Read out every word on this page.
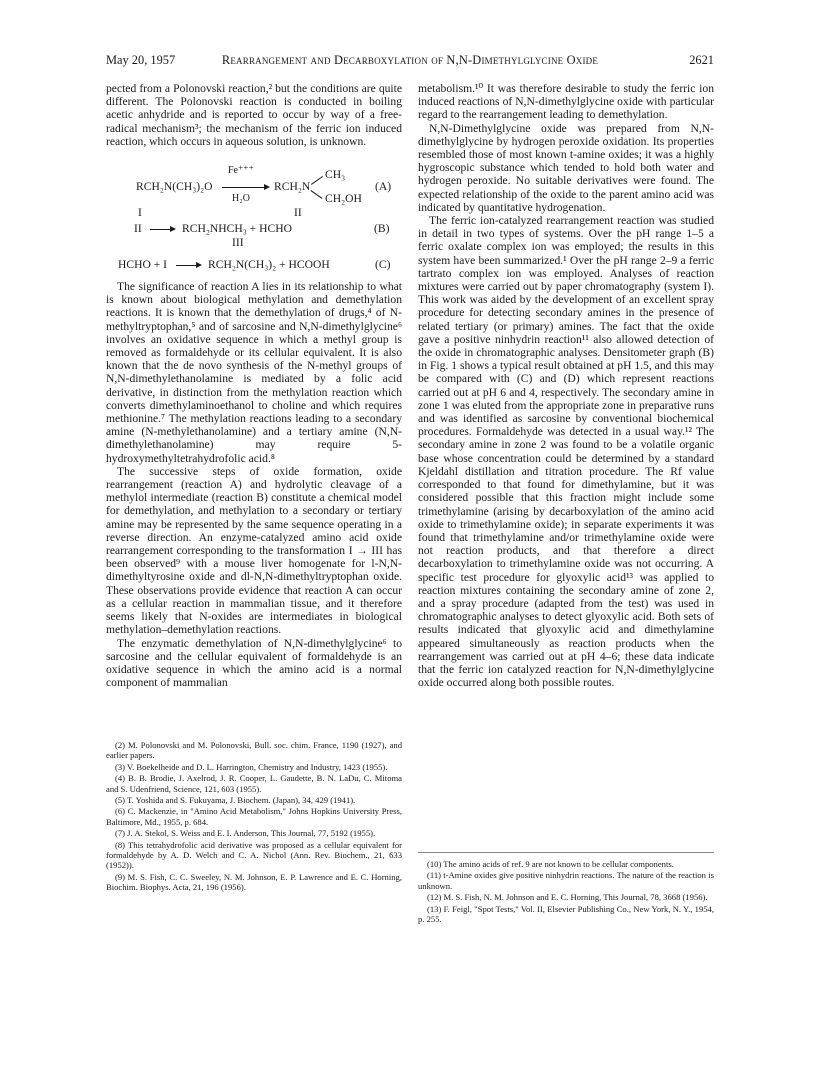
May 20, 1957	Rearrangement and Decarboxylation of N,N-Dimethylglycine Oxide	2621

pected from a Polonovski reaction,² but the conditions are quite different. The Polonovski reaction is conducted in boiling acetic anhydride and is reported to occur by way of a free-radical mechanism³; the mechanism of the ferric ion induced reaction, which occurs in aqueous solution, is unknown.

RCH₂N(CH₃)₂O
Fe⁺⁺⁺
H₂O
RCH₂N
CH₃
CH₂OH
(A)
I	II
II	RCH₂NHCH₃ + HCHO	(B)
III
HCHO + I	RCH₂N(CH₃)₂ + HCOOH	(C)

The significance of reaction A lies in its relationship to what is known about biological methylation and demethylation reactions. It is known that the demethylation of drugs,⁴ of N-methyltryptophan,⁵ and of sarcosine and N,N-dimethylglycine⁶ involves an oxidative sequence in which a methyl group is removed as formaldehyde or its cellular equivalent. It is also known that the de novo synthesis of the N-methyl groups of N,N-dimethylethanolamine is mediated by a folic acid derivative, in distinction from the methylation reaction which converts dimethylaminoethanol to choline and which requires methionine.⁷ The methylation reactions leading to a secondary amine (N-methylethanolamine) and a tertiary amine (N,N-dimethylethanolamine) may require 5-hydroxymethyltetrahydrofolic acid.⁸

The successive steps of oxide formation, oxide rearrangement (reaction A) and hydrolytic cleavage of a methylol intermediate (reaction B) constitute a chemical model for demethylation, and methylation to a secondary or tertiary amine may be represented by the same sequence operating in a reverse direction. An enzyme-catalyzed amino acid oxide rearrangement corresponding to the transformation I → III has been observed⁹ with a mouse liver homogenate for l-N,N-dimethyltyrosine oxide and dl-N,N-dimethyltryptophan oxide. These observations provide evidence that reaction A can occur as a cellular reaction in mammalian tissue, and it therefore seems likely that N-oxides are intermediates in biological methylation–demethylation reactions.

The enzymatic demethylation of N,N-dimethylglycine⁶ to sarcosine and the cellular equivalent of formaldehyde is an oxidative sequence in which the amino acid is a normal component of mammalian

(2) M. Polonovski and M. Polonovski, Bull. soc. chim. France, 1190 (1927), and earlier papers.

(3) V. Boekelheide and D. L. Harrington, Chemistry and Industry, 1423 (1955).

(4) B. B. Brodie, J. Axelrod, J. R. Cooper, L. Gaudette, B. N. LaDu, C. Mitoma and S. Udenfriend, Science, 121, 603 (1955).

(5) T. Yoshida and S. Fukuyama, J. Biochem. (Japan), 34, 429 (1941).

(6) C. Mackenzie, in "Amino Acid Metabolism," Johns Hopkins University Press, Baltimore, Md., 1955, p. 684.

(7) J. A. Stekol, S. Weiss and E. I. Anderson, This Journal, 77, 5192 (1955).

(8) This tetrahydrofolic acid derivative was proposed as a cellular equivalent for formaldehyde by A. D. Welch and C. A. Nichol (Ann. Rev. Biochem., 21, 633 (1952)).

(9) M. S. Fish, C. C. Sweeley, N. M. Johnson, E. P. Lawrence and E. C. Horning, Biochim. Biophys. Acta, 21, 196 (1956).

metabolism.¹⁰ It was therefore desirable to study the ferric ion induced reactions of N,N-dimethylglycine oxide with particular regard to the rearrangement leading to demethylation.

N,N-Dimethylglycine oxide was prepared from N,N-dimethylglycine by hydrogen peroxide oxidation. Its properties resembled those of most known t-amine oxides; it was a highly hygroscopic substance which tended to hold both water and hydrogen peroxide. No suitable derivatives were found. The expected relationship of the oxide to the parent amino acid was indicated by quantitative hydrogenation.

The ferric ion-catalyzed rearrangement reaction was studied in detail in two types of systems. Over the pH range 1–5 a ferric oxalate complex ion was employed; the results in this system have been summarized.¹ Over the pH range 2–9 a ferric tartrato complex ion was employed. Analyses of reaction mixtures were carried out by paper chromatography (system I). This work was aided by the development of an excellent spray procedure for detecting secondary amines in the presence of related tertiary (or primary) amines. The fact that the oxide gave a positive ninhydrin reaction¹¹ also allowed detection of the oxide in chromatographic analyses. Densitometer graph (B) in Fig. 1 shows a typical result obtained at pH 1.5, and this may be compared with (C) and (D) which represent reactions carried out at pH 6 and 4, respectively. The secondary amine in zone 1 was eluted from the appropriate zone in preparative runs and was identified as sarcosine by conventional biochemical procedures. Formaldehyde was detected in a usual way.¹² The secondary amine in zone 2 was found to be a volatile organic base whose concentration could be determined by a standard Kjeldahl distillation and titration procedure. The Rf value corresponded to that found for dimethylamine, but it was considered possible that this fraction might include some trimethylamine (arising by decarboxylation of the amino acid oxide to trimethylamine oxide); in separate experiments it was found that trimethylamine and/or trimethylamine oxide were not reaction products, and that therefore a direct decarboxylation to trimethylamine oxide was not occurring. A specific test procedure for glyoxylic acid¹³ was applied to reaction mixtures containing the secondary amine of zone 2, and a spray procedure (adapted from the test) was used in chromatographic analyses to detect glyoxylic acid. Both sets of results indicated that glyoxylic acid and dimethylamine appeared simultaneously as reaction products when the rearrangement was carried out at pH 4–6; these data indicate that the ferric ion catalyzed reaction for N,N-dimethylglycine oxide occurred along both possible routes.

(10) The amino acids of ref. 9 are not known to be cellular components.

(11) t-Amine oxides give positive ninhydrin reactions. The nature of the reaction is unknown.

(12) M. S. Fish, N. M. Johnson and E. C. Horning, This Journal, 78, 3668 (1956).

(13) F. Feigl, "Spot Tests," Vol. II, Elsevier Publishing Co., New York, N. Y., 1954, p. 255.
